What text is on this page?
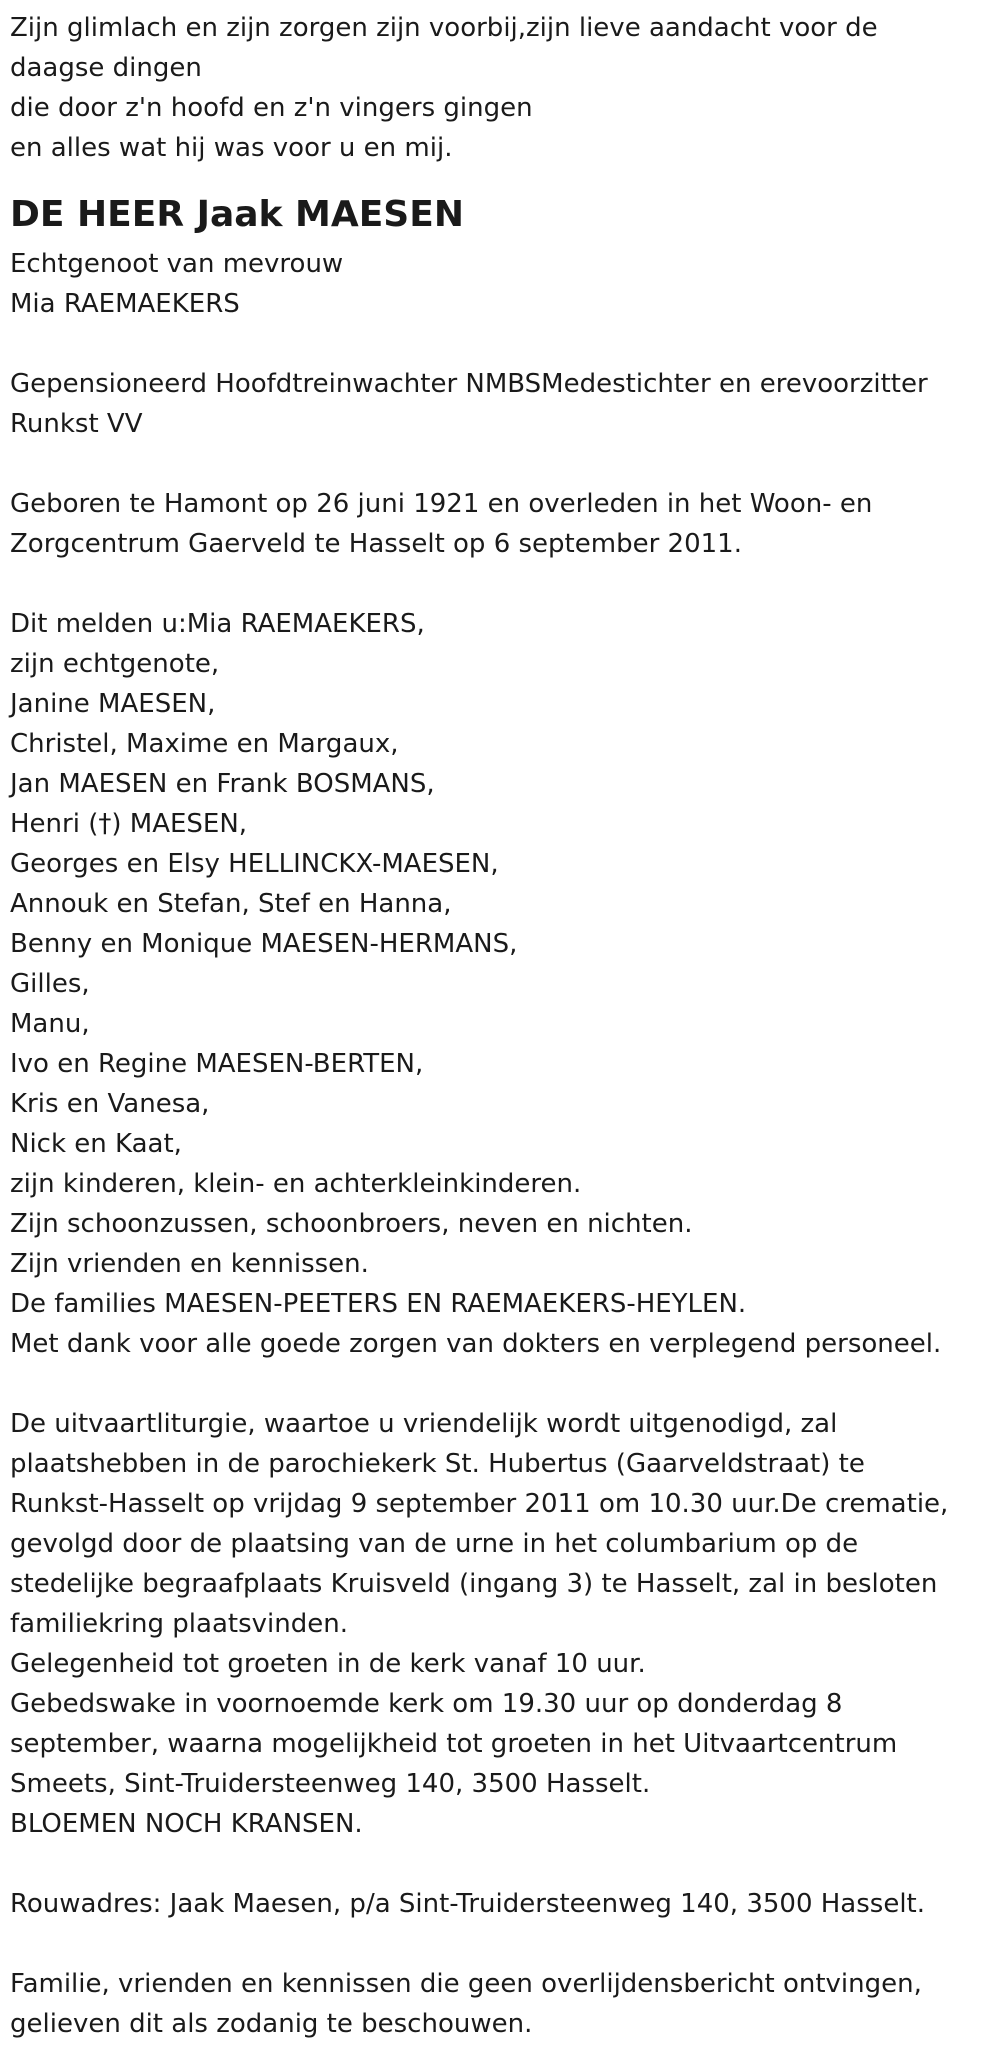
Zijn glimlach en zijn zorgen zijn voorbij,zijn lieve aandacht voor de
daagse dingen
die door z'n hoofd en z'n vingers gingen
en alles wat hij was voor u en mij.
DE HEER Jaak MAESEN
Echtgenoot van mevrouw
Mia RAEMAEKERS
Gepensioneerd Hoofdtreinwachter NMBSMedestichter en erevoorzitter
Runkst VV
Geboren te Hamont op 26 juni 1921 en overleden in het Woon- en
Zorgcentrum Gaerveld te Hasselt op 6 september 2011.
Dit melden u:Mia RAEMAEKERS,
zijn echtgenote,
Janine MAESEN,
Christel, Maxime en Margaux,
Jan MAESEN en Frank BOSMANS,
Henri (†) MAESEN,
Georges en Elsy HELLINCKX-MAESEN,
Annouk en Stefan, Stef en Hanna,
Benny en Monique MAESEN-HERMANS,
Gilles,
Manu,
Ivo en Regine MAESEN-BERTEN,
Kris en Vanesa,
Nick en Kaat,
zijn kinderen, klein- en achterkleinkinderen.
Zijn schoonzussen, schoonbroers, neven en nichten.
Zijn vrienden en kennissen.
De families MAESEN-PEETERS EN RAEMAEKERS-HEYLEN.
Met dank voor alle goede zorgen van dokters en verplegend personeel.
De uitvaartliturgie, waartoe u vriendelijk wordt uitgenodigd, zal
plaatshebben in de parochiekerk St. Hubertus (Gaarveldstraat) te
Runkst-Hasselt op vrijdag 9 september 2011 om 10.30 uur.De crematie,
gevolgd door de plaatsing van de urne in het columbarium op de
stedelijke begraafplaats Kruisveld (ingang 3) te Hasselt, zal in besloten
familiekring plaatsvinden.
Gelegenheid tot groeten in de kerk vanaf 10 uur.
Gebedswake in voornoemde kerk om 19.30 uur op donderdag 8
september, waarna mogelijkheid tot groeten in het Uitvaartcentrum
Smeets, Sint-Truidersteenweg 140, 3500 Hasselt.
BLOEMEN NOCH KRANSEN.
Rouwadres: Jaak Maesen, p/a Sint-Truidersteenweg 140, 3500 Hasselt.
Familie, vrienden en kennissen die geen overlijdensbericht ontvingen,
gelieven dit als zodanig te beschouwen.
